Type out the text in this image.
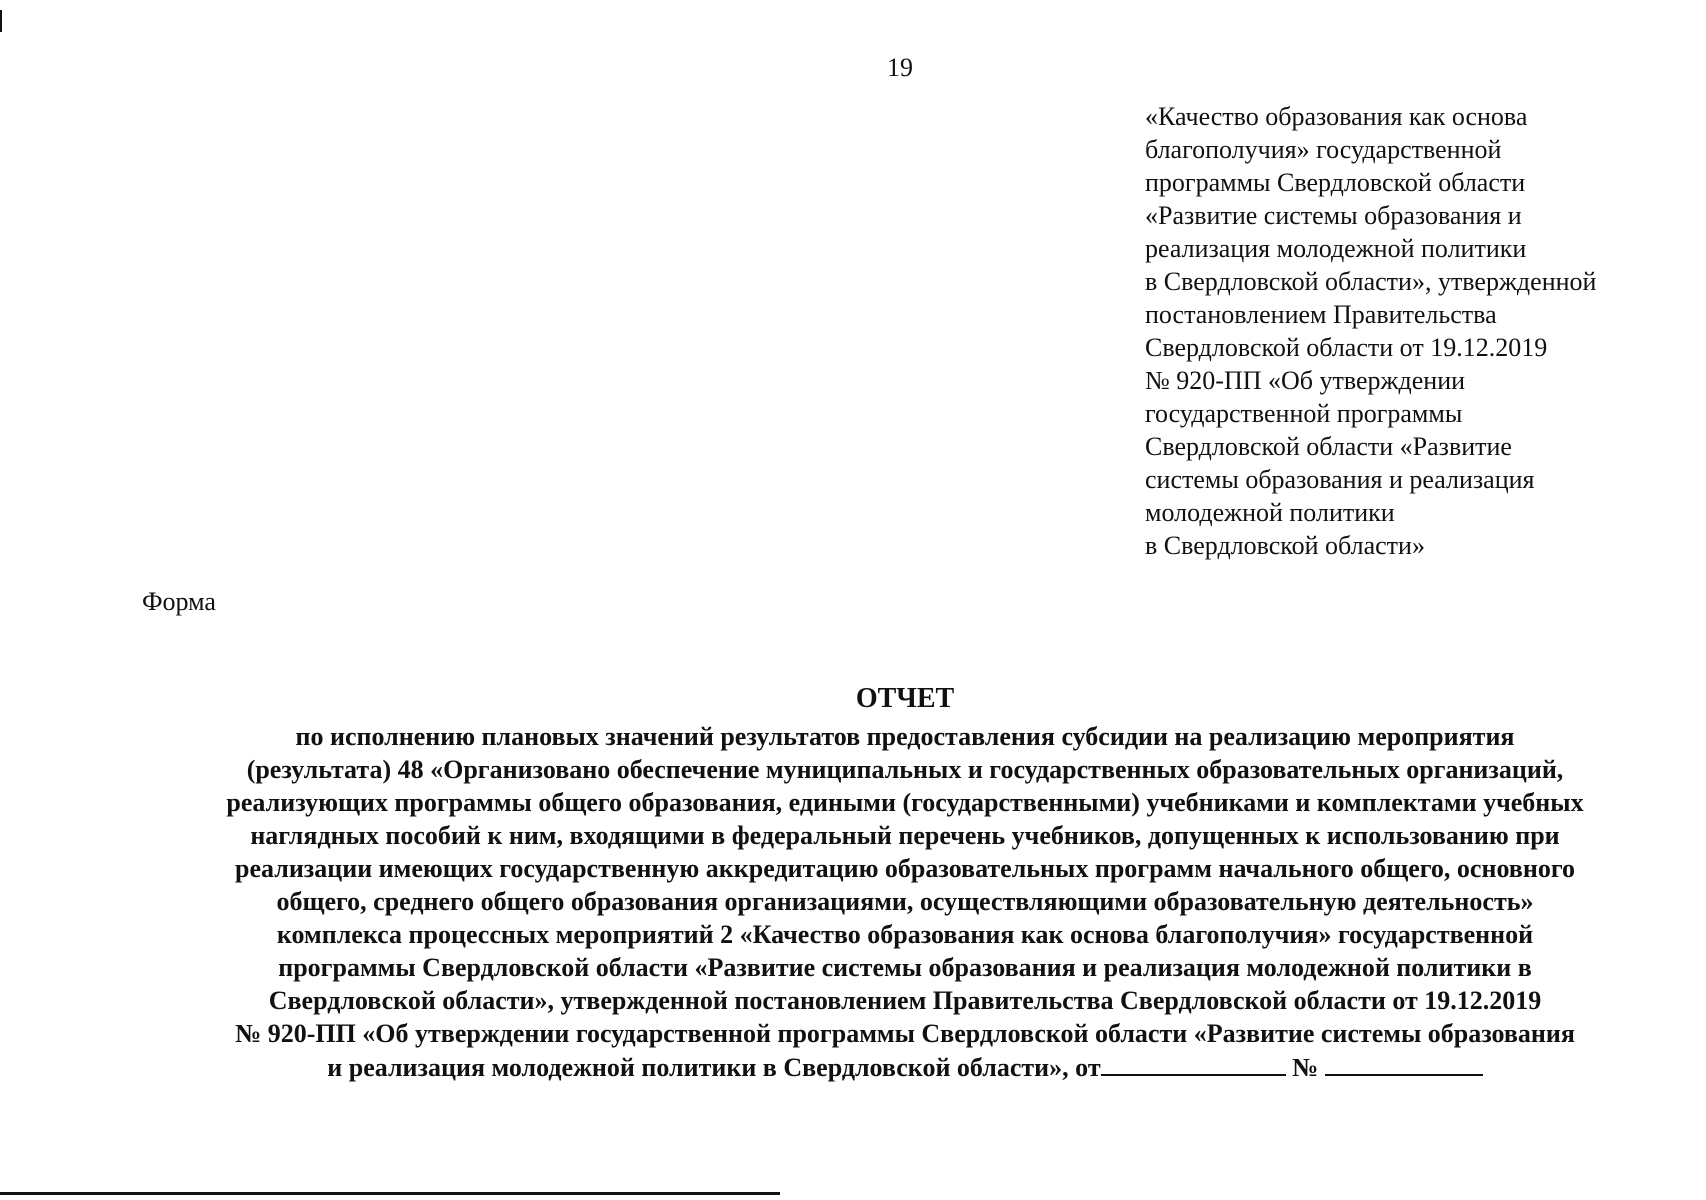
19
«Качество образования как основа
благополучия» государственной
программы Свердловской области
«Развитие системы образования и
реализация молодежной политики
в Свердловской области», утвержденной
постановлением Правительства
Свердловской области от 19.12.2019
№ 920-ПП «Об утверждении
государственной программы
Свердловской области «Развитие
системы образования и реализация
молодежной политики
в Свердловской области»
Форма
ОТЧЕТ
по исполнению плановых значений результатов предоставления субсидии на реализацию мероприятия
(результата) 48 «Организовано обеспечение муниципальных и государственных образовательных организаций,
реализующих программы общего образования, едиными (государственными) учебниками и комплектами учебных
наглядных пособий к ним, входящими в федеральный перечень учебников, допущенных к использованию при
реализации имеющих государственную аккредитацию образовательных программ начального общего, основного
общего, среднего общего образования организациями, осуществляющими образовательную деятельность»
комплекса процессных мероприятий 2 «Качество образования как основа благополучия» государственной
программы Свердловской области «Развитие системы образования и реализация молодежной политики в
Свердловской области», утвержденной постановлением Правительства Свердловской области от 19.12.2019
№ 920-ПП «Об утверждении государственной программы Свердловской области «Развитие системы образования
и реализация молодежной политики в Свердловской области», от	№
